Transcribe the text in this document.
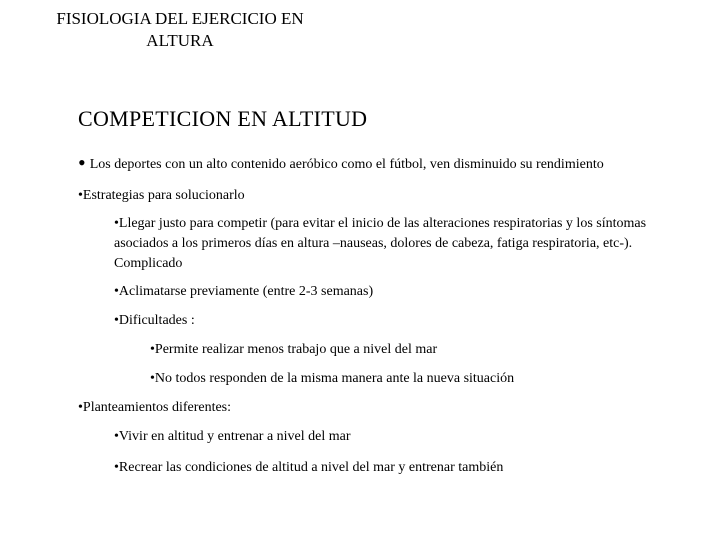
FISIOLOGIA DEL EJERCICIO EN
ALTURA
COMPETICION EN ALTITUD
• Los deportes con un alto contenido aeróbico como el fútbol, ven disminuido su rendimiento
•Estrategias para solucionarlo
•Llegar justo para competir (para evitar el inicio de las alteraciones respiratorias y los síntomas asociados a los primeros días en altura –nauseas, dolores de cabeza, fatiga respiratoria, etc-). Complicado
•Aclimatarse previamente (entre 2-3 semanas)
•Dificultades :
•Permite realizar menos trabajo que a nivel del mar
•No todos responden de la misma manera ante la nueva situación
•Planteamientos diferentes:
•Vivir en altitud y entrenar a nivel del mar
•Recrear las condiciones de altitud a nivel del mar y entrenar también
